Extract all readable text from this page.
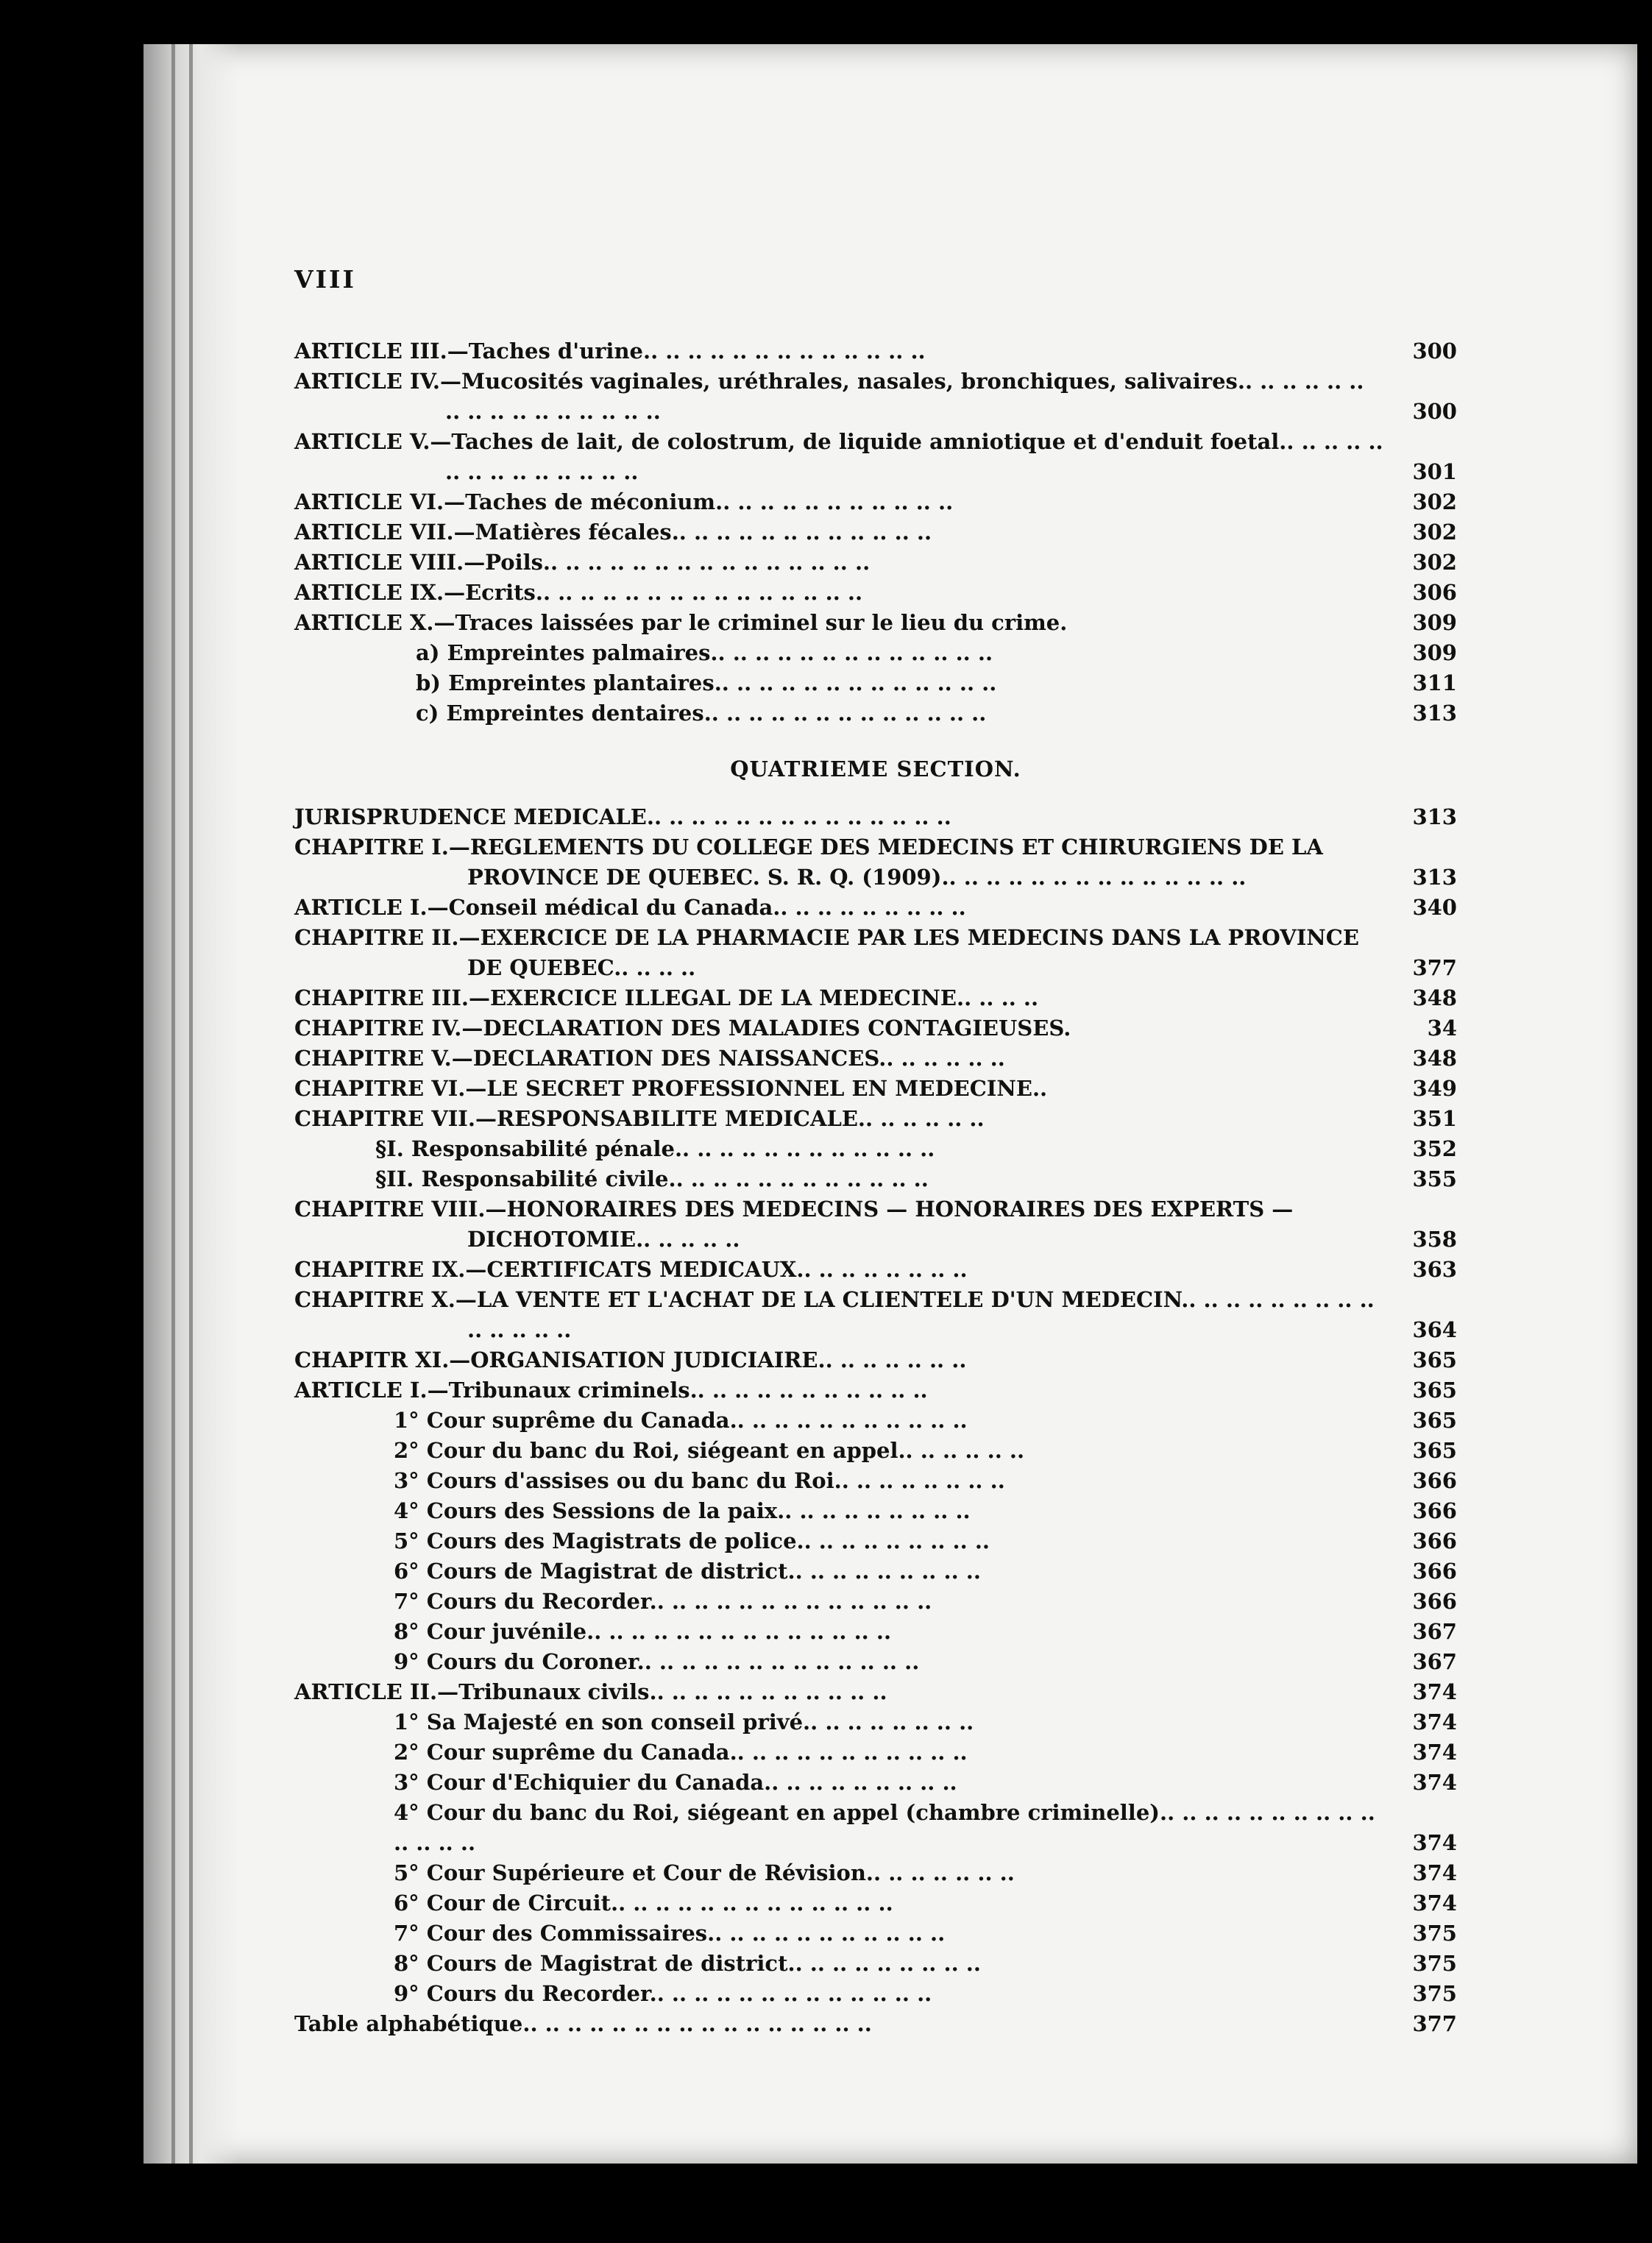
VIII
ARTICLE III.—Taches d'urine.. .. .. .. .. .. .. .. .. .. .. .. ..	300
ARTICLE IV.—Mucosités vaginales, uréthrales, nasales, bronchiques, salivaires.. .. .. .. .. .. .. .. .. .. .. .. .. .. .. ..	300
ARTICLE V.—Taches de lait, de colostrum, de liquide amniotique et d'enduit foetal.. .. .. .. .. .. .. .. .. .. .. .. .. ..	301
ARTICLE VI.—Taches de méconium.. .. .. .. .. .. .. .. .. .. ..	302
ARTICLE VII.—Matières fécales.. .. .. .. .. .. .. .. .. .. .. ..	302
ARTICLE VIII.—Poils.. .. .. .. .. .. .. .. .. .. .. .. .. .. ..	302
ARTICLE IX.—Ecrits.. .. .. .. .. .. .. .. .. .. .. .. .. .. ..	306
ARTICLE X.—Traces laissées par le criminel sur le lieu du crime.	309
a) Empreintes palmaires.. .. .. .. .. .. .. .. .. .. .. .. ..	309
b) Empreintes plantaires.. .. .. .. .. .. .. .. .. .. .. .. ..	311
c) Empreintes dentaires.. .. .. .. .. .. .. .. .. .. .. .. ..	313
QUATRIEME SECTION.
JURISPRUDENCE MEDICALE.. .. .. .. .. .. .. .. .. .. .. .. .. ..	313
CHAPITRE I.—REGLEMENTS DU COLLEGE DES MEDECINS ET CHIRURGIENS DE LA PROVINCE DE QUEBEC. S. R. Q. (1909).. .. .. .. .. .. .. .. .. .. .. .. .. ..	313
ARTICLE I.—Conseil médical du Canada.. .. .. .. .. .. .. .. ..	340
CHAPITRE II.—EXERCICE DE LA PHARMACIE PAR LES MEDECINS DANS LA PROVINCE DE QUEBEC.. .. .. ..	377
CHAPITRE III.—EXERCICE ILLEGAL DE LA MEDECINE.. .. .. ..	348
CHAPITRE IV.—DECLARATION DES MALADIES CONTAGIEUSES.	34
CHAPITRE V.—DECLARATION DES NAISSANCES.. .. .. .. .. ..	348
CHAPITRE VI.—LE SECRET PROFESSIONNEL EN MEDECINE..	349
CHAPITRE VII.—RESPONSABILITE MEDICALE.. .. .. .. .. ..	351
§I. Responsabilité pénale.. .. .. .. .. .. .. .. .. .. .. ..	352
§II. Responsabilité civile.. .. .. .. .. .. .. .. .. .. .. ..	355
CHAPITRE VIII.—HONORAIRES DES MEDECINS — HONORAIRES DES EXPERTS — DICHOTOMIE.. .. .. .. ..	358
CHAPITRE IX.—CERTIFICATS MEDICAUX.. .. .. .. .. .. .. ..	363
CHAPITRE X.—LA VENTE ET L'ACHAT DE LA CLIENTELE D'UN MEDECIN.. .. .. .. .. .. .. .. .. .. .. .. .. ..	364
CHAPITR XI.—ORGANISATION JUDICIAIRE.. .. .. .. .. .. ..	365
ARTICLE I.—Tribunaux criminels.. .. .. .. .. .. .. .. .. .. ..	365
1° Cour suprême du Canada.. .. .. .. .. .. .. .. .. .. ..	365
2° Cour du banc du Roi, siégeant en appel.. .. .. .. .. ..	365
3° Cours d'assises ou du banc du Roi.. .. .. .. .. .. .. ..	366
4° Cours des Sessions de la paix.. .. .. .. .. .. .. .. ..	366
5° Cours des Magistrats de police.. .. .. .. .. .. .. .. ..	366
6° Cours de Magistrat de district.. .. .. .. .. .. .. .. ..	366
7° Cours du Recorder.. .. .. .. .. .. .. .. .. .. .. .. ..	366
8° Cour juvénile.. .. .. .. .. .. .. .. .. .. .. .. .. ..	367
9° Cours du Coroner.. .. .. .. .. .. .. .. .. .. .. .. ..	367
ARTICLE II.—Tribunaux civils.. .. .. .. .. .. .. .. .. .. ..	374
1° Sa Majesté en son conseil privé.. .. .. .. .. .. .. ..	374
2° Cour suprême du Canada.. .. .. .. .. .. .. .. .. .. ..	374
3° Cour d'Echiquier du Canada.. .. .. .. .. .. .. .. ..	374
4° Cour du banc du Roi, siégeant en appel (chambre criminelle).. .. .. .. .. .. .. .. .. .. .. .. .. ..	374
5° Cour Supérieure et Cour de Révision.. .. .. .. .. .. ..	374
6° Cour de Circuit.. .. .. .. .. .. .. .. .. .. .. .. ..	374
7° Cour des Commissaires.. .. .. .. .. .. .. .. .. .. ..	375
8° Cours de Magistrat de district.. .. .. .. .. .. .. .. ..	375
9° Cours du Recorder.. .. .. .. .. .. .. .. .. .. .. .. ..	375
Table alphabétique.. .. .. .. .. .. .. .. .. .. .. .. .. .. .. ..	377
